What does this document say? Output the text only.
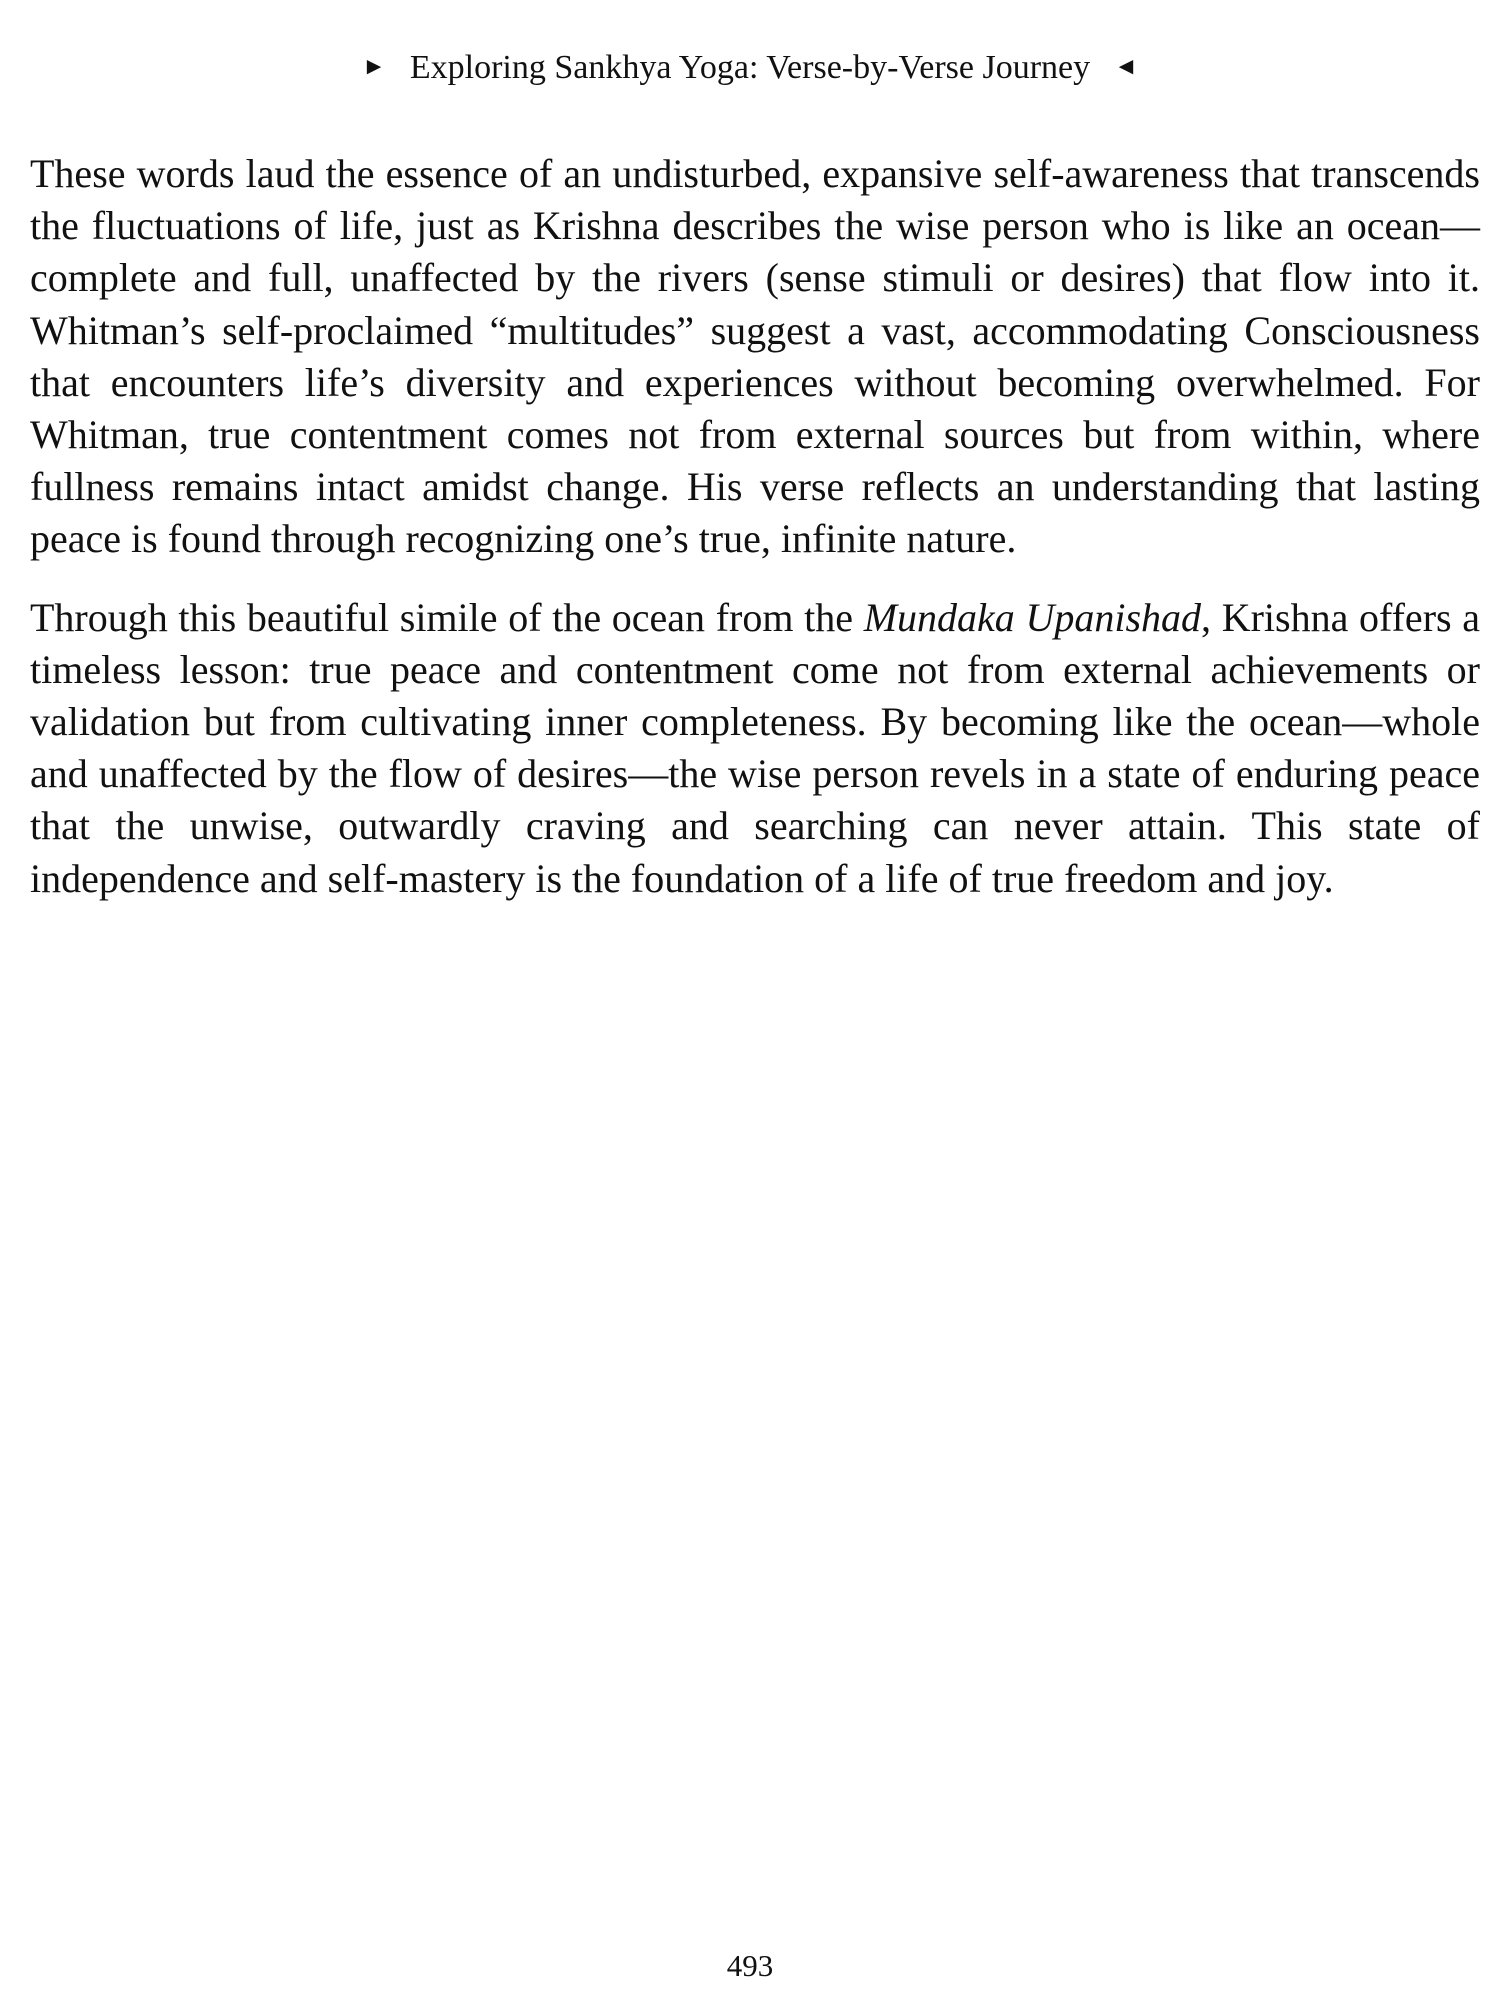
► Exploring Sankhya Yoga: Verse-by-Verse Journey ◄

These words laud the essence of an undisturbed, expansive self-awareness that transcends the fluctuations of life, just as Krishna describes the wise person who is like an ocean—complete and full, unaffected by the rivers (sense stimuli or desires) that flow into it. Whitman’s self-proclaimed “multitudes” suggest a vast, accommodating Consciousness that encounters life’s diversity and experiences without becoming overwhelmed. For Whitman, true contentment comes not from external sources but from within, where fullness remains intact amidst change. His verse reflects an understanding that lasting peace is found through recognizing one’s true, infinite nature.

Through this beautiful simile of the ocean from the Mundaka Upanishad, Krishna offers a timeless lesson: true peace and contentment come not from external achievements or validation but from cultivating inner completeness. By becoming like the ocean—whole and unaffected by the flow of desires—the wise person revels in a state of enduring peace that the unwise, outwardly craving and searching can never attain. This state of independence and self-mastery is the foundation of a life of true freedom and joy.

493
